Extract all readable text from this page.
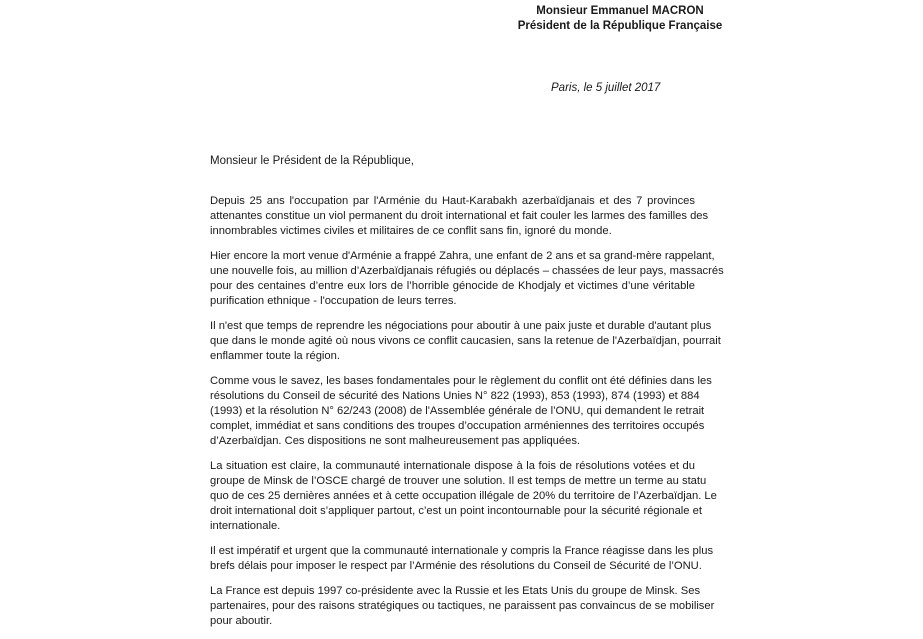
Monsieur Emmanuel MACRON
Président de la République Française
Paris, le 5 juillet 2017
Monsieur le Président de la République,

Depuis 25 ans l'occupation par l'Arménie du Haut-Karabakh azerbaïdjanais et des 7 provinces
attenantes constitue un viol permanent du droit international et fait couler les larmes des familles des
innombrables victimes civiles et militaires de ce conflit sans fin, ignoré du monde.

Hier encore la mort venue d'Arménie a frappé Zahra, une enfant de 2 ans et sa grand-mère rappelant,
une nouvelle fois, au million d’Azerbaïdjanais réfugiés ou déplacés – chassées de leur pays, massacrés
pour des centaines d’entre eux lors de l’horrible génocide de Khodjaly et victimes d’une véritable
purification ethnique - l'occupation de leurs terres.

Il n'est que temps de reprendre les négociations pour aboutir à une paix juste et durable d'autant plus
que dans le monde agité où nous vivons ce conflit caucasien, sans la retenue de l'Azerbaïdjan, pourrait
enflammer toute la région.

Comme vous le savez, les bases fondamentales pour le règlement du conflit ont été définies dans les
résolutions du Conseil de sécurité des Nations Unies N° 822 (1993), 853 (1993), 874 (1993) et 884
(1993) et la résolution N° 62/243 (2008) de l'Assemblée générale de l’ONU, qui demandent le retrait
complet, immédiat et sans conditions des troupes d’occupation arméniennes des territoires occupés
d’Azerbaïdjan. Ces dispositions ne sont malheureusement pas appliquées.

La situation est claire, la communauté internationale dispose à la fois de résolutions votées et du
groupe de Minsk de l’OSCE chargé de trouver une solution. Il est temps de mettre un terme au statu
quo de ces 25 dernières années et à cette occupation illégale de 20% du territoire de l’Azerbaïdjan. Le
droit international doit s’appliquer partout, c’est un point incontournable pour la sécurité régionale et
internationale.

Il est impératif et urgent que la communauté internationale y compris la France réagisse dans les plus
brefs délais pour imposer le respect par l’Arménie des résolutions du Conseil de Sécurité de l’ONU.

La France est depuis 1997 co-présidente avec la Russie et les Etats Unis du groupe de Minsk. Ses
partenaires, pour des raisons stratégiques ou tactiques, ne paraissent pas convaincus de se mobiliser
pour aboutir.
